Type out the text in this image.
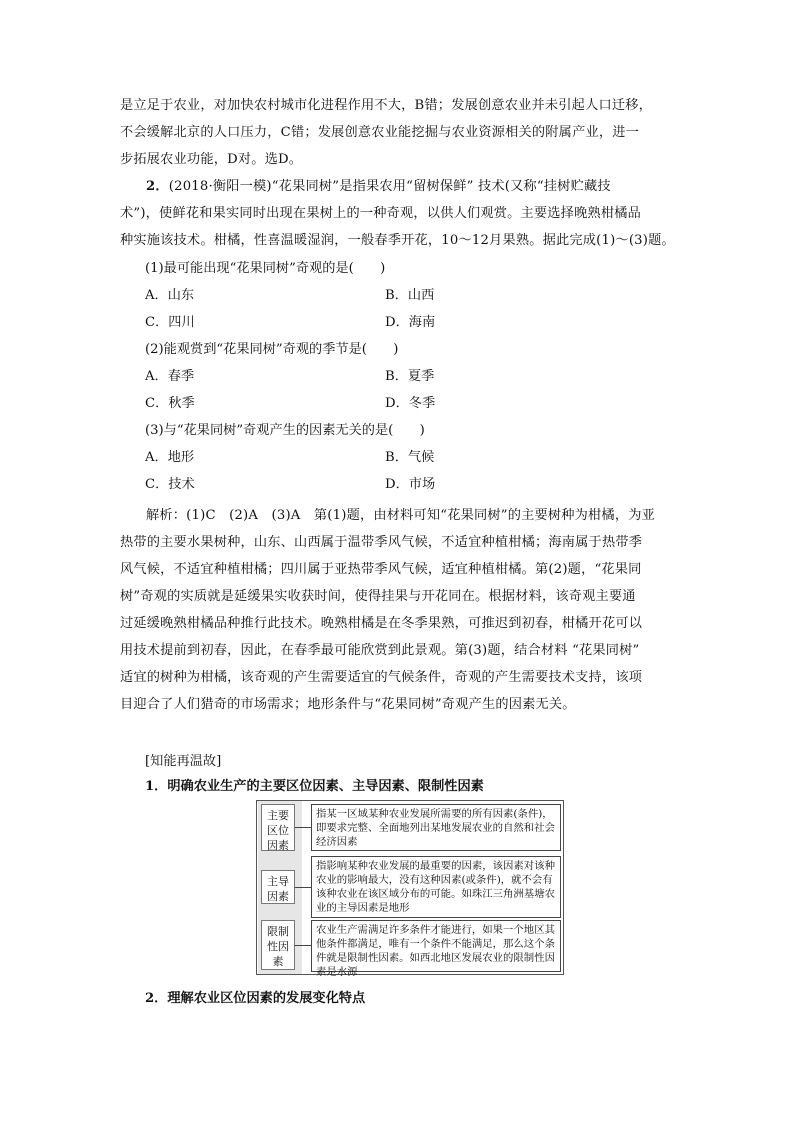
是立足于农业，对加快农村城市化进程作用不大，B错；发展创意农业并未引起人口迁移，
不会缓解北京的人口压力，C错；发展创意农业能挖掘与农业资源相关的附属产业，进一
步拓展农业功能，D对。选D。
2．(2018·衡阳一模)“花果同树”是指果农用“留树保鲜” 技术(又称“挂树贮藏技
术”)，使鲜花和果实同时出现在果树上的一种奇观，以供人们观赏。主要选择晚熟柑橘品
种实施该技术。柑橘，性喜温暖湿润，一般春季开花，10～12月果熟。据此完成(1)～(3)题。
(1)最可能出现“花果同树”奇观的是(　　)
A．山东	B．山西
C．四川	D．海南
(2)能观赏到“花果同树”奇观的季节是(　　)
A．春季	B．夏季
C．秋季	D．冬季
(3)与“花果同树”奇观产生的因素无关的是(　　)
A．地形	B．气候
C．技术	D．市场
解析：(1)C　(2)A　(3)A　第(1)题，由材料可知“花果同树”的主要树种为柑橘，为亚
热带的主要水果树种，山东、山西属于温带季风气候，不适宜种植柑橘；海南属于热带季
风气候，不适宜种植柑橘；四川属于亚热带季风气候，适宜种植柑橘。第(2)题，“花果同
树”奇观的实质就是延缓果实收获时间，使得挂果与开花同在。根据材料，该奇观主要通
过延缓晚熟柑橘品种推行此技术。晚熟柑橘是在冬季果熟，可推迟到初春，柑橘开花可以
用技术提前到初春，因此，在春季最可能欣赏到此景观。第(3)题，结合材料 “花果同树”
适宜的树种为柑橘，该奇观的产生需要适宜的气候条件，奇观的产生需要技术支持，该项
目迎合了人们猎奇的市场需求；地形条件与“花果同树”奇观产生的因素无关。
[知能再温故]
1．明确农业生产的主要区位因素、主导因素、限制性因素
主要区位因素
指某一区域某种农业发展所需要的所有因素(条件)，即要求完整、全面地列出某地发展农业的自然和社会经济因素
主导因素
指影响某种农业发展的最重要的因素，该因素对该种农业的影响最大，没有这种因素(或条件)，就不会有该种农业在该区域分布的可能。如珠江三角洲基塘农业的主导因素是地形
限制性因素
农业生产需满足许多条件才能进行，如果一个地区其他条件都满足，唯有一个条件不能满足，那么这个条件就是限制性因素。如西北地区发展农业的限制性因素是水源
2．理解农业区位因素的发展变化特点
